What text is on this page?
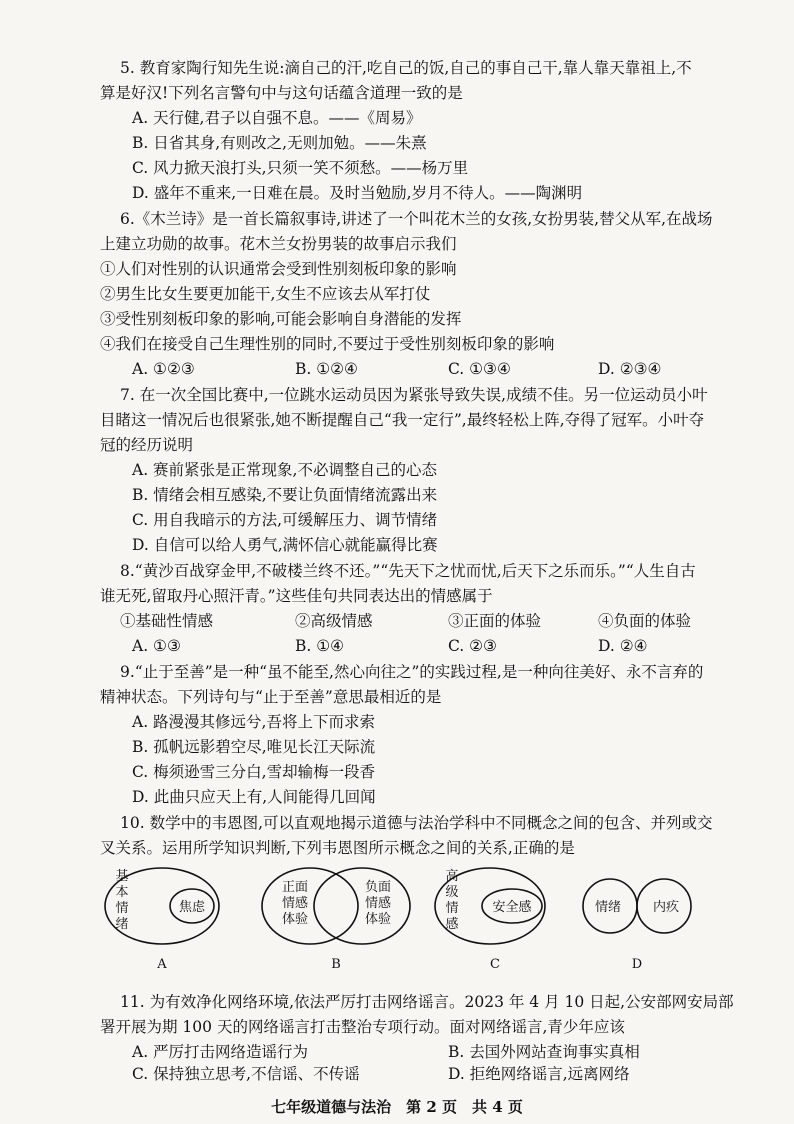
5. 教育家陶行知先生说:滴自己的汗,吃自己的饭,自己的事自己干,靠人靠天靠祖上,不
算是好汉!下列名言警句中与这句话蕴含道理一致的是
A. 天行健,君子以自强不息。——《周易》
B. 日省其身,有则改之,无则加勉。——朱熹
C. 风力掀天浪打头,只须一笑不须愁。——杨万里
D. 盛年不重来,一日难在晨。及时当勉励,岁月不待人。——陶渊明
6.《木兰诗》是一首长篇叙事诗,讲述了一个叫花木兰的女孩,女扮男装,替父从军,在战场
上建立功勋的故事。花木兰女扮男装的故事启示我们
①人们对性别的认识通常会受到性别刻板印象的影响
②男生比女生要更加能干,女生不应该去从军打仗
③受性别刻板印象的影响,可能会影响自身潜能的发挥
④我们在接受自己生理性别的同时,不要过于受性别刻板印象的影响
A. ①②③	B. ①②④	C. ①③④	D. ②③④
7. 在一次全国比赛中,一位跳水运动员因为紧张导致失误,成绩不佳。另一位运动员小叶
目睹这一情况后也很紧张,她不断提醒自己“我一定行”,最终轻松上阵,夺得了冠军。小叶夺
冠的经历说明
A. 赛前紧张是正常现象,不必调整自己的心态
B. 情绪会相互感染,不要让负面情绪流露出来
C. 用自我暗示的方法,可缓解压力、调节情绪
D. 自信可以给人勇气,满怀信心就能赢得比赛
8.“黄沙百战穿金甲,不破楼兰终不还。”“先天下之忧而忧,后天下之乐而乐。”“人生自古
谁无死,留取丹心照汗青。”这些佳句共同表达出的情感属于
①基础性情感	②高级情感	③正面的体验	④负面的体验
A. ①③	B. ①④	C. ②③	D. ②④
9.“止于至善”是一种“虽不能至,然心向往之”的实践过程,是一种向往美好、永不言弃的
精神状态。下列诗句与“止于至善”意思最相近的是
A. 路漫漫其修远兮,吾将上下而求索
B. 孤帆远影碧空尽,唯见长江天际流
C. 梅须逊雪三分白,雪却输梅一段香
D. 此曲只应天上有,人间能得几回闻
10. 数学中的韦恩图,可以直观地揭示道德与法治学科中不同概念之间的包含、并列或交
叉关系。运用所学知识判断,下列韦恩图所示概念之间的关系,正确的是
基
本
情
绪
焦虑
正面
情感
体验
负面
情感
体验
高
级
情
感
安全感	情绪 内疚
A	B	C	D
11. 为有效净化网络环境,依法严厉打击网络谣言。2023 年 4 月 10 日起,公安部网安局部
署开展为期 100 天的网络谣言打击整治专项行动。面对网络谣言,青少年应该
A. 严厉打击网络造谣行为	B. 去国外网站查询事实真相
七年级道德与法治　第 2 页　共 4 页
C. 保持独立思考,不信谣、不传谣	D. 拒绝网络谣言,远离网络
